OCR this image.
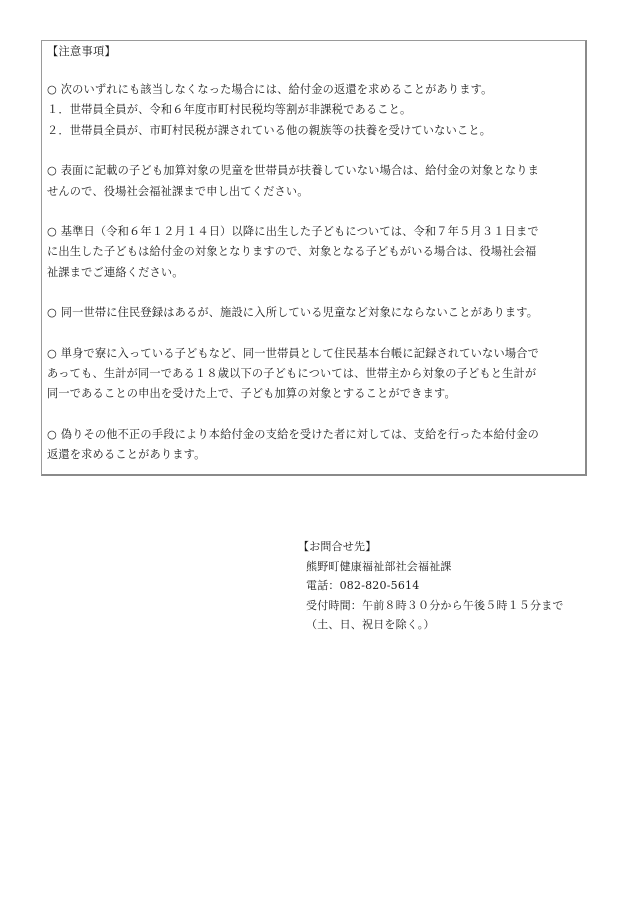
【注意事項】

○ 次のいずれにも該当しなくなった場合には、給付金の返還を求めることがあります。
１．世帯員全員が、令和６年度市町村民税均等割が非課税であること。
２．世帯員全員が、市町村民税が課されている他の親族等の扶養を受けていないこと。

○ 表面に記載の子ども加算対象の児童を世帯員が扶養していない場合は、給付金の対象となりま
せんので、役場社会福祉課まで申し出てください。

○ 基準日（令和６年１２月１４日）以降に出生した子どもについては、令和７年５月３１日まで
に出生した子どもは給付金の対象となりますので、対象となる子どもがいる場合は、役場社会福
祉課までご連絡ください。

○ 同一世帯に住民登録はあるが、施設に入所している児童など対象にならないことがあります。

○ 単身で寮に入っている子どもなど、同一世帯員として住民基本台帳に記録されていない場合で
あっても、生計が同一である１８歳以下の子どもについては、世帯主から対象の子どもと生計が
同一であることの申出を受けた上で、子ども加算の対象とすることができます。

○ 偽りその他不正の手段により本給付金の支給を受けた者に対しては、支給を行った本給付金の
返還を求めることがあります。

【お問合せ先】
熊野町健康福祉部社会福祉課
電話：082-820-5614
受付時間：午前８時３０分から午後５時１５分まで
（土、日、祝日を除く。）
